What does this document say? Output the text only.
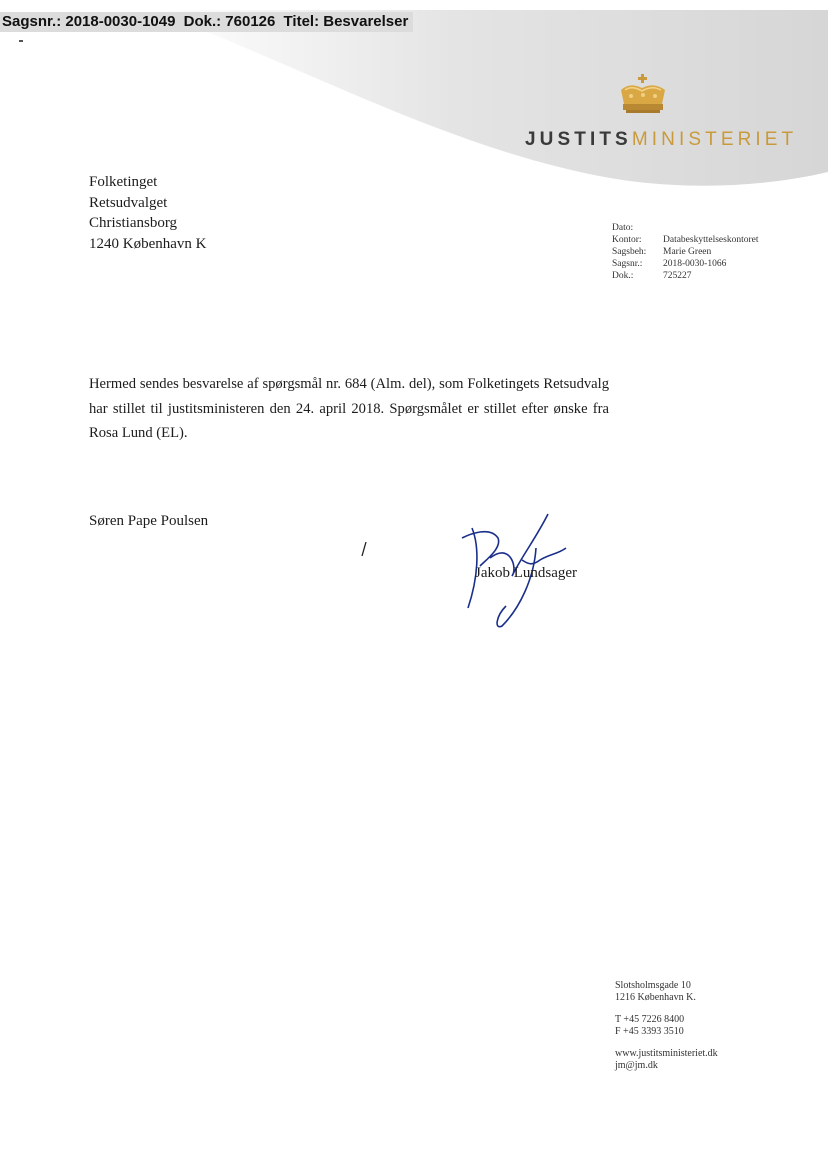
Sagsnr.: 2018-0030-1049 Dok.: 760126 Titel: Besvarelser
JUSTITSMINISTERIET
Folketinget
Retsudvalget
Christiansborg
1240 København K
Dato:
Kontor:	Databeskyttelseskontoret
Sagsbeh:	Marie Green
Sagsnr.:	2018-0030-1066
Dok.:	725227
Hermed sendes besvarelse af spørgsmål nr. 684 (Alm. del), som Folketingets Retsudvalg har stillet til justitsministeren den 24. april 2018. Spørgsmålet er stillet efter ønske fra Rosa Lund (EL).
Søren Pape Poulsen
Jakob Lundsager
Slotsholmsgade 10
1216 København K.
T +45 7226 8400
F +45 3393 3510
www.justitsministeriet.dk
jm@jm.dk
